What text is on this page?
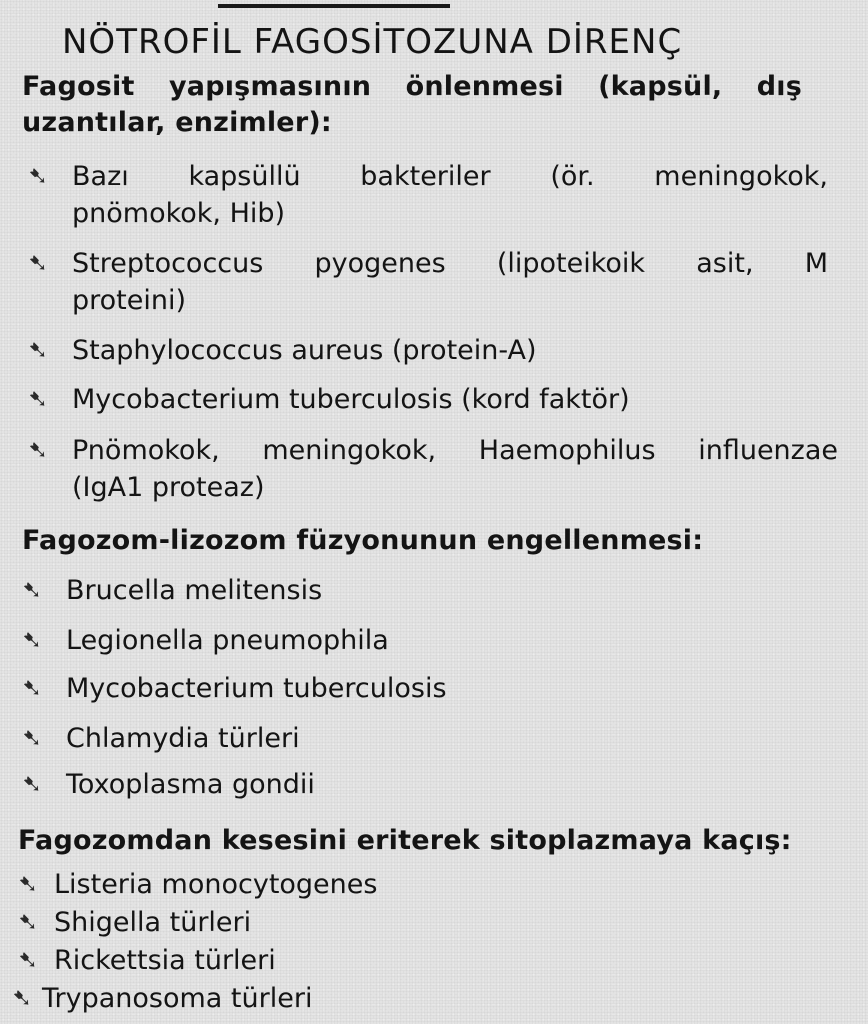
NÖTROFİL FAGOSİTOZUNA DİRENÇ
Fagosit yapışmasının önlenmesi (kapsül, dış
uzantılar, enzimler):
➷ Bazı kapsüllü bakteriler (ör. meningokok,
pnömokok, Hib)
➷ Streptococcus pyogenes (lipoteikoik asit, M
proteini)
➷ Staphylococcus aureus (protein-A)
➷ Mycobacterium tuberculosis (kord faktör)
➷ Pnömokok, meningokok, Haemophilus influenzae
(IgA1 proteaz)
Fagozom-lizozom füzyonunun engellenmesi:
➷ Brucella melitensis
➷ Legionella pneumophila
➷ Mycobacterium tuberculosis
➷ Chlamydia türleri
➷ Toxoplasma gondii
Fagozomdan kesesini eriterek sitoplazmaya kaçış:
➷ Listeria monocytogenes
➷ Shigella türleri
➷ Rickettsia türleri
➷ Trypanosoma türleri
